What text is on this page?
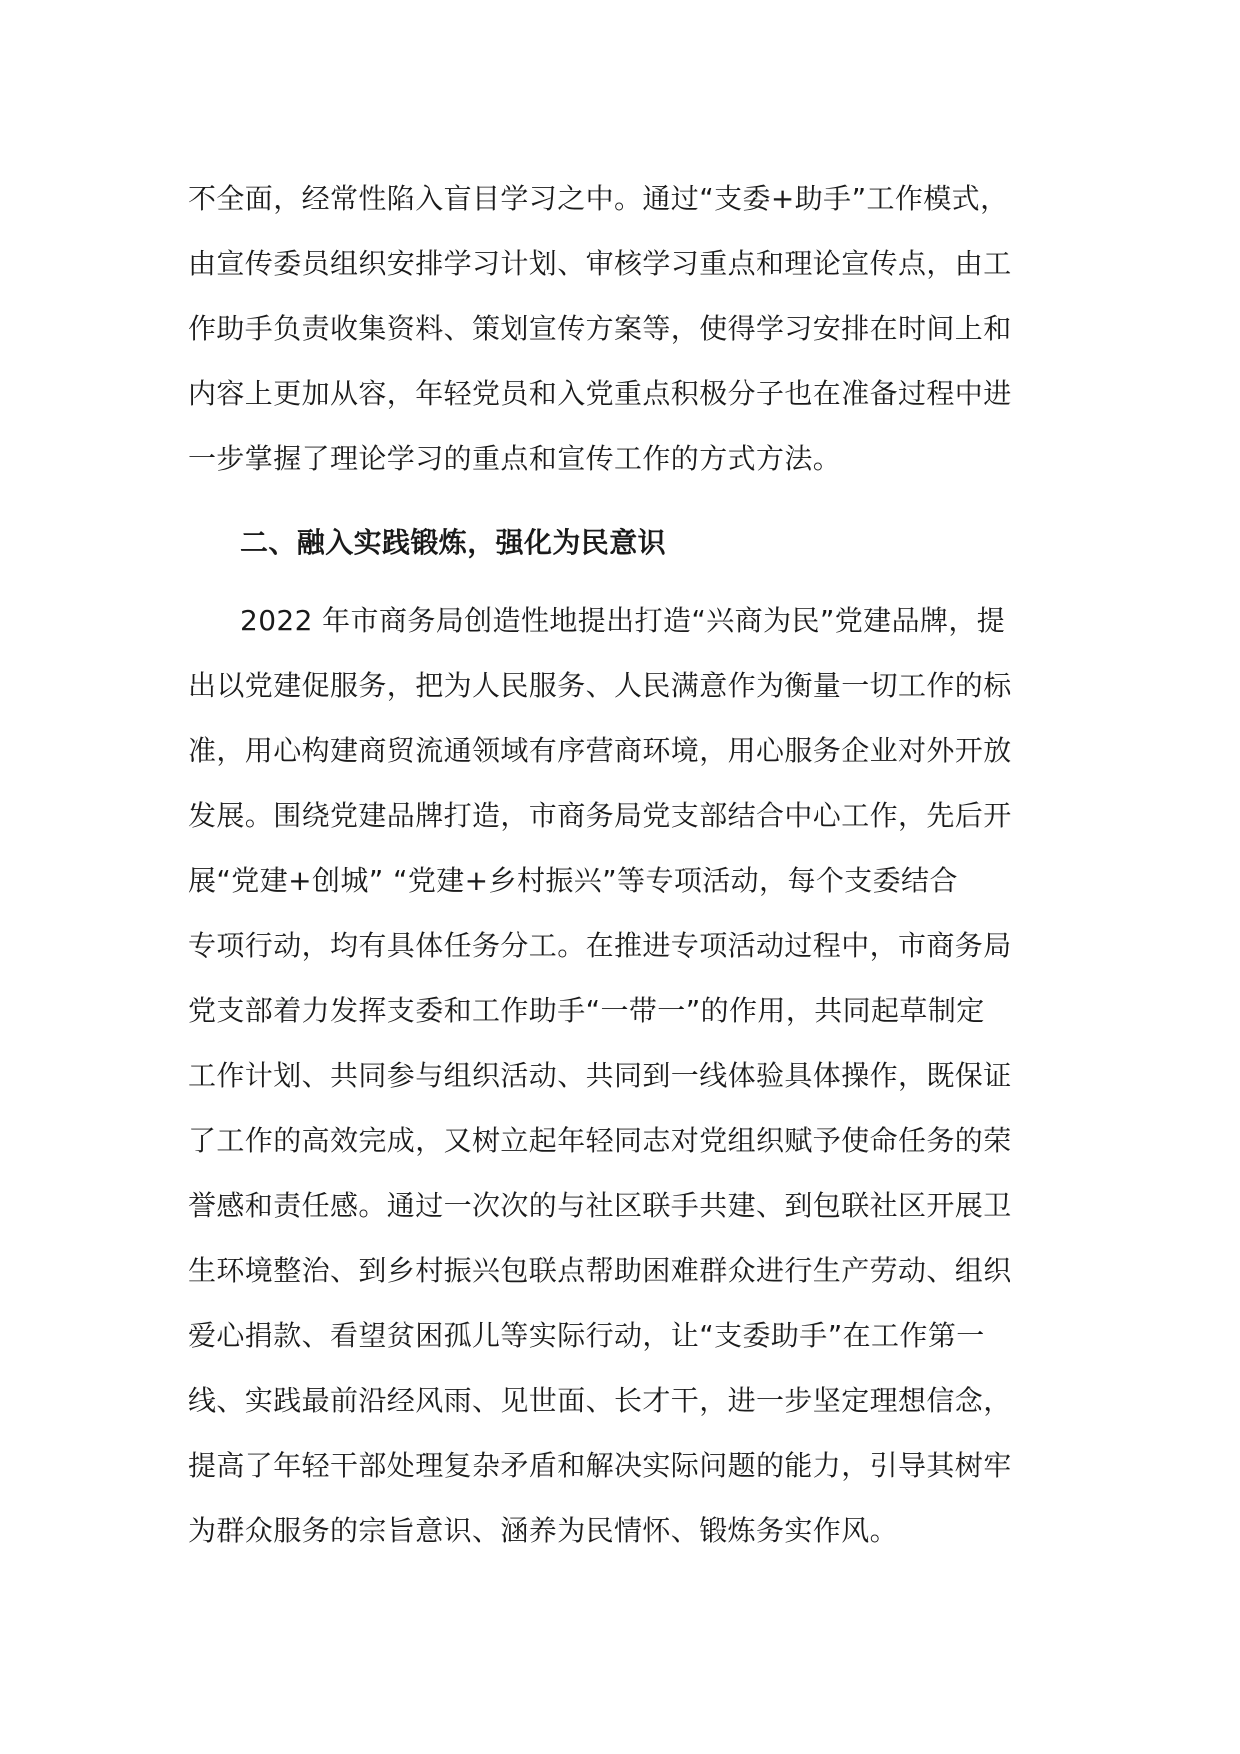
不全面，经常性陷入盲目学习之中。通过“支委+助手”工作模式，
由宣传委员组织安排学习计划、审核学习重点和理论宣传点，由工
作助手负责收集资料、策划宣传方案等，使得学习安排在时间上和
内容上更加从容，年轻党员和入党重点积极分子也在准备过程中进
一步掌握了理论学习的重点和宣传工作的方式方法。
二、融入实践锻炼，强化为民意识
2022 年市商务局创造性地提出打造“兴商为民”党建品牌，提
出以党建促服务，把为人民服务、人民满意作为衡量一切工作的标
准，用心构建商贸流通领域有序营商环境，用心服务企业对外开放
发展。围绕党建品牌打造，市商务局党支部结合中心工作，先后开
展“党建+创城” “党建+乡村振兴”等专项活动，每个支委结合
专项行动，均有具体任务分工。在推进专项活动过程中，市商务局
党支部着力发挥支委和工作助手“一带一”的作用，共同起草制定
工作计划、共同参与组织活动、共同到一线体验具体操作，既保证
了工作的高效完成，又树立起年轻同志对党组织赋予使命任务的荣
誉感和责任感。通过一次次的与社区联手共建、到包联社区开展卫
生环境整治、到乡村振兴包联点帮助困难群众进行生产劳动、组织
爱心捐款、看望贫困孤儿等实际行动，让“支委助手”在工作第一
线、实践最前沿经风雨、见世面、长才干，进一步坚定理想信念，
提高了年轻干部处理复杂矛盾和解决实际问题的能力，引导其树牢
为群众服务的宗旨意识、涵养为民情怀、锻炼务实作风。
